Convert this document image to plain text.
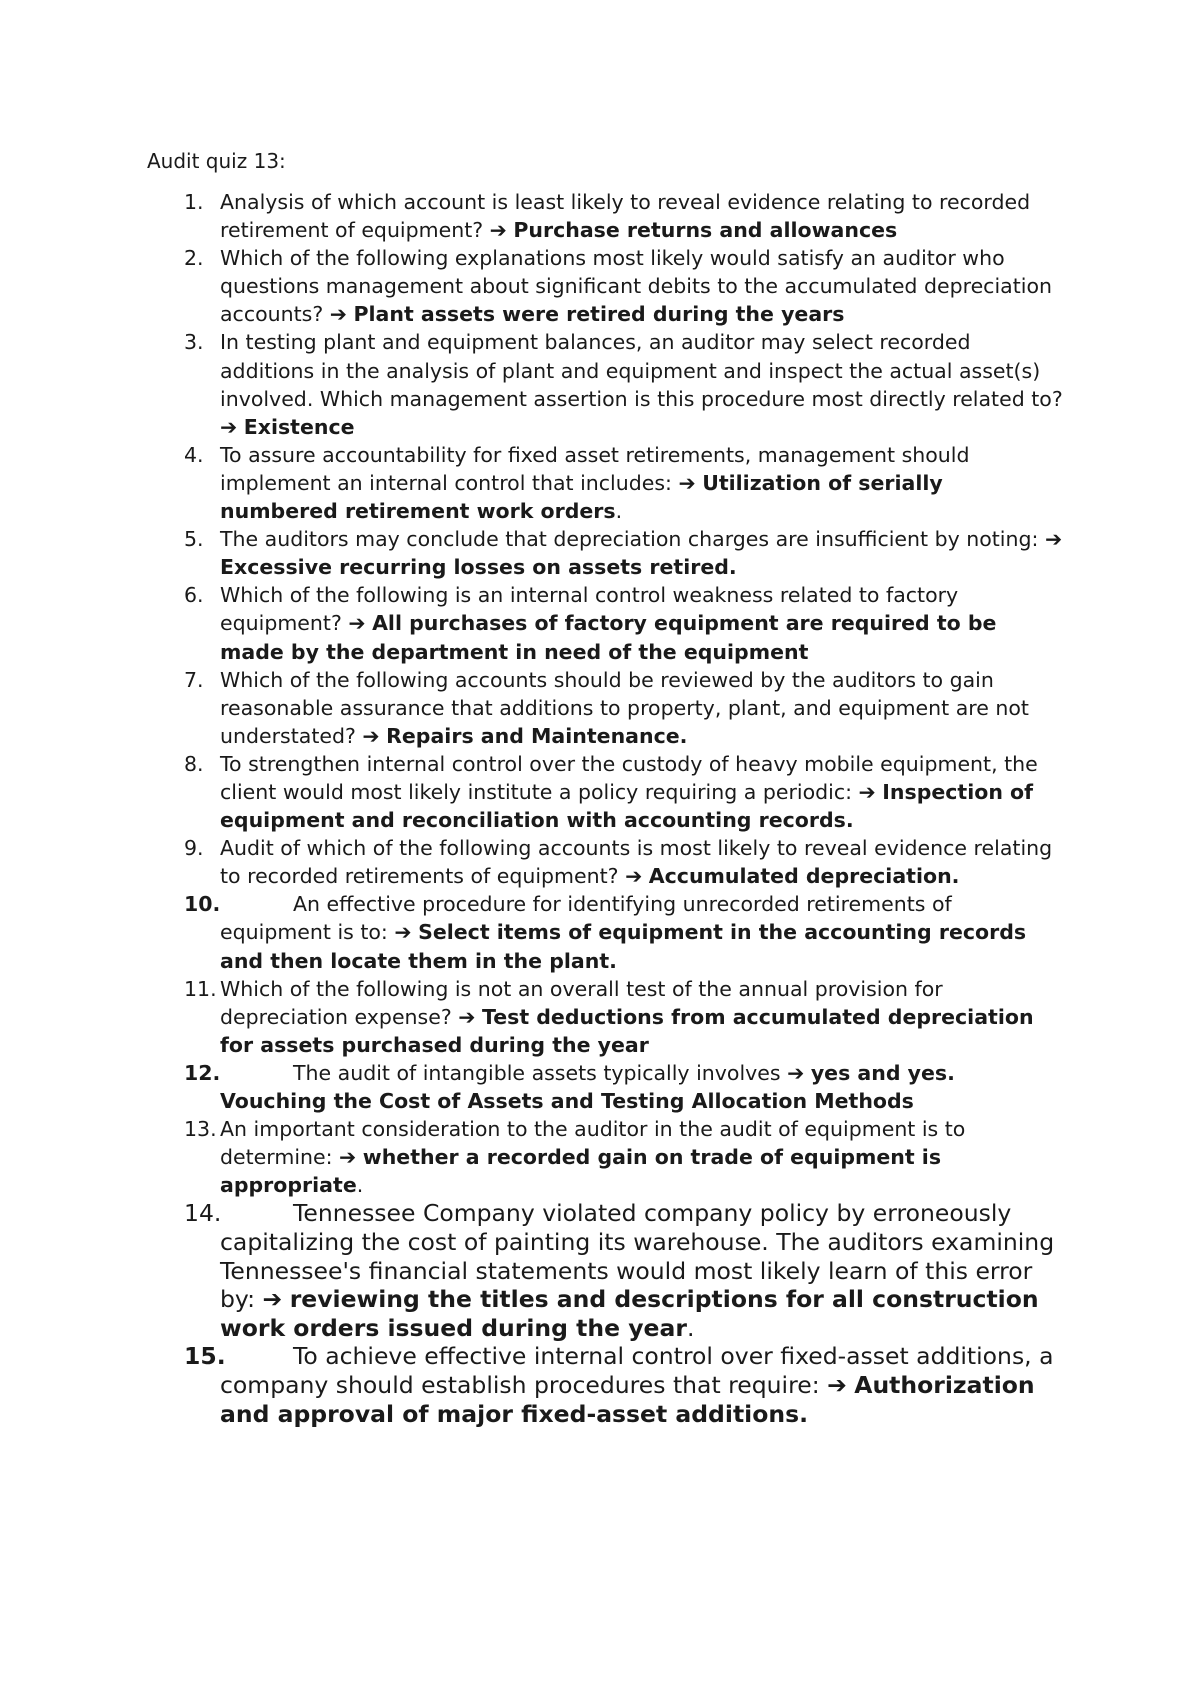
Audit quiz 13:
1. Analysis of which account is least likely to reveal evidence relating to recorded retirement of equipment? ➔ Purchase returns and allowances
2. Which of the following explanations most likely would satisfy an auditor who questions management about significant debits to the accumulated depreciation accounts? ➔ Plant assets were retired during the years
3. In testing plant and equipment balances, an auditor may select recorded additions in the analysis of plant and equipment and inspect the actual asset(s) involved. Which management assertion is this procedure most directly related to? ➔ Existence
4. To assure accountability for fixed asset retirements, management should implement an internal control that includes: ➔ Utilization of serially numbered retirement work orders.
5. The auditors may conclude that depreciation charges are insufficient by noting: ➔ Excessive recurring losses on assets retired.
6. Which of the following is an internal control weakness related to factory equipment? ➔ All purchases of factory equipment are required to be made by the department in need of the equipment
7. Which of the following accounts should be reviewed by the auditors to gain reasonable assurance that additions to property, plant, and equipment are not understated? ➔ Repairs and Maintenance.
8. To strengthen internal control over the custody of heavy mobile equipment, the client would most likely institute a policy requiring a periodic: ➔ Inspection of equipment and reconciliation with accounting records.
9. Audit of which of the following accounts is most likely to reveal evidence relating to recorded retirements of equipment? ➔ Accumulated depreciation.
10.	An effective procedure for identifying unrecorded retirements of equipment is to: ➔ Select items of equipment in the accounting records and then locate them in the plant.
11. Which of the following is not an overall test of the annual provision for depreciation expense? ➔ Test deductions from accumulated depreciation for assets purchased during the year
12.	The audit of intangible assets typically involves ➔ yes and yes. Vouching the Cost of Assets and Testing Allocation Methods
13. An important consideration to the auditor in the audit of equipment is to determine: ➔ whether a recorded gain on trade of equipment is appropriate.
14.	Tennessee Company violated company policy by erroneously capitalizing the cost of painting its warehouse. The auditors examining Tennessee's financial statements would most likely learn of this error by: ➔ reviewing the titles and descriptions for all construction work orders issued during the year.
15.	To achieve effective internal control over fixed-asset additions, a company should establish procedures that require: ➔ Authorization and approval of major fixed-asset additions.
